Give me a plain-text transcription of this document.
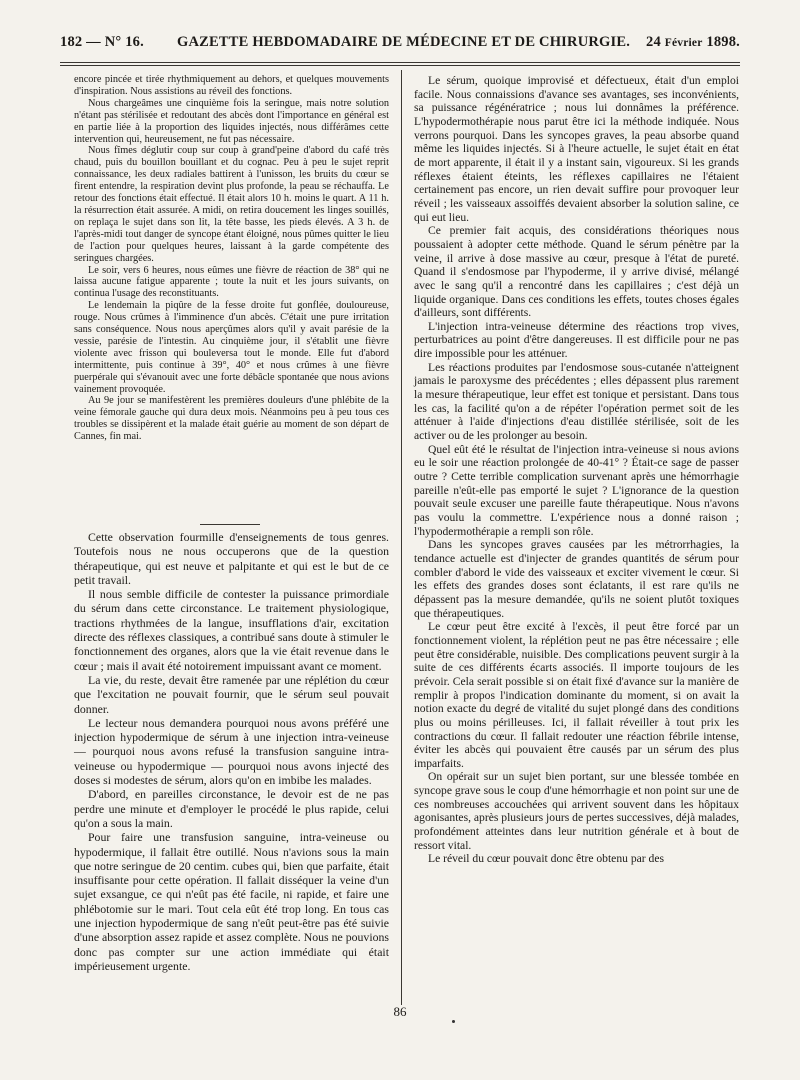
182 — N° 16. GAZETTE HEBDOMADAIRE DE MÉDECINE ET DE CHIRURGIE. 24 Février 1898.

encore pincée et tirée rhythmiquement au dehors, et quelques mouvements d'inspiration. Nous assistions au réveil des fonctions.

Nous chargeâmes une cinquième fois la seringue, mais notre solution n'étant pas stérilisée et redoutant des abcès dont l'importance en général est en partie liée à la proportion des liquides injectés, nous différâmes cette intervention qui, heureusement, ne fut pas nécessaire.

Nous fîmes déglutir coup sur coup à grand'peine d'abord du café très chaud, puis du bouillon bouillant et du cognac. Peu à peu le sujet reprit connaissance, les deux radiales battirent à l'unisson, les bruits du cœur se firent entendre, la respiration devint plus profonde, la peau se réchauffa. Le retour des fonctions était effectué. Il était alors 10 h. moins le quart. A 11 h. la résurrection était assurée. A midi, on retira doucement les linges souillés, on replaça le sujet dans son lit, la tête basse, les pieds élevés. A 3 h. de l'après-midi tout danger de syncope étant éloigné, nous pûmes quitter le lieu de l'action pour quelques heures, laissant à la garde compétente des seringues chargées.

Le soir, vers 6 heures, nous eûmes une fièvre de réaction de 38° qui ne laissa aucune fatigue apparente ; toute la nuit et les jours suivants, on continua l'usage des reconstituants.

Le lendemain la piqûre de la fesse droite fut gonflée, douloureuse, rouge. Nous crûmes à l'imminence d'un abcès. C'était une pure irritation sans conséquence. Nous nous aperçûmes alors qu'il y avait parésie de la vessie, parésie de l'intestin. Au cinquième jour, il s'établit une fièvre violente avec frisson qui bouleversa tout le monde. Elle fut d'abord intermittente, puis continue à 39°, 40° et nous crûmes à une fièvre puerpérale qui s'évanouit avec une forte débâcle spontanée que nous avions vainement provoquée.

Au 9e jour se manifestèrent les premières douleurs d'une phlébite de la veine fémorale gauche qui dura deux mois. Néanmoins peu à peu tous ces troubles se dissipèrent et la malade était guérie au moment de son départ de Cannes, fin mai.

Cette observation fourmille d'enseignements de tous genres. Toutefois nous ne nous occuperons que de la question thérapeutique, qui est neuve et palpitante et qui est le but de ce petit travail.

Il nous semble difficile de contester la puissance primordiale du sérum dans cette circonstance. Le traitement physiologique, tractions rhythmées de la langue, insufflations d'air, excitation directe des réflexes classiques, a contribué sans doute à stimuler le fonctionnement des organes, alors que la vie était revenue dans le cœur ; mais il avait été notoirement impuissant avant ce moment.

La vie, du reste, devait être ramenée par une réplétion du cœur que l'excitation ne pouvait fournir, que le sérum seul pouvait donner.

Le lecteur nous demandera pourquoi nous avons préféré une injection hypodermique de sérum à une injection intra-veineuse — pourquoi nous avons refusé la transfusion sanguine intra-veineuse ou hypodermique — pourquoi nous avons injecté des doses si modestes de sérum, alors qu'on en imbibe les malades.

D'abord, en pareilles circonstance, le devoir est de ne pas perdre une minute et d'employer le procédé le plus rapide, celui qu'on a sous la main.

Pour faire une transfusion sanguine, intra-veineuse ou hypodermique, il fallait être outillé. Nous n'avions sous la main que notre seringue de 20 centim. cubes qui, bien que parfaite, était insuffisante pour cette opération. Il fallait disséquer la veine d'un sujet exsangue, ce qui n'eût pas été facile, ni rapide, et faire une phlébotomie sur le mari. Tout cela eût été trop long. En tous cas une injection hypodermique de sang n'eût peut-être pas été suivie d'une absorption assez rapide et assez complète. Nous ne pouvions donc pas compter sur une action immédiate qui était impérieusement urgente.

Le sérum, quoique improvisé et défectueux, était d'un emploi facile. Nous connaissions d'avance ses avantages, ses inconvénients, sa puissance régénératrice ; nous lui donnâmes la préférence. L'hypodermothérapie nous parut être ici la méthode indiquée. Nous verrons pourquoi. Dans les syncopes graves, la peau absorbe quand même les liquides injectés. Si à l'heure actuelle, le sujet était en état de mort apparente, il était il y a instant sain, vigoureux. Si les grands réflexes étaient éteints, les réflexes capillaires ne l'étaient certainement pas encore, un rien devait suffire pour provoquer leur réveil ; les vaisseaux assoiffés devaient absorber la solution saline, ce qui eut lieu.

Ce premier fait acquis, des considérations théoriques nous poussaient à adopter cette méthode. Quand le sérum pénètre par la veine, il arrive à dose massive au cœur, presque à l'état de pureté. Quand il s'endosmose par l'hypoderme, il y arrive divisé, mélangé avec le sang qu'il a rencontré dans les capillaires ; c'est déjà un liquide organique. Dans ces conditions les effets, toutes choses égales d'ailleurs, sont différents.

L'injection intra-veineuse détermine des réactions trop vives, perturbatrices au point d'être dangereuses. Il est difficile pour ne pas dire impossible pour les atténuer.

Les réactions produites par l'endosmose sous-cutanée n'atteignent jamais le paroxysme des précédentes ; elles dépassent plus rarement la mesure thérapeutique, leur effet est tonique et persistant. Dans tous les cas, la facilité qu'on a de répéter l'opération permet soit de les atténuer à l'aide d'injections d'eau distillée stérilisée, soit de les activer ou de les prolonger au besoin.

Quel eût été le résultat de l'injection intra-veineuse si nous avions eu le soir une réaction prolongée de 40-41° ? Était-ce sage de passer outre ? Cette terrible complication survenant après une hémorrhagie pareille n'eût-elle pas emporté le sujet ? L'ignorance de la question pouvait seule excuser une pareille faute thérapeutique. Nous n'avons pas voulu la commettre. L'expérience nous a donné raison ; l'hypodermothérapie a rempli son rôle.

Dans les syncopes graves causées par les métrorrhagies, la tendance actuelle est d'injecter de grandes quantités de sérum pour combler d'abord le vide des vaisseaux et exciter vivement le cœur. Si les effets des grandes doses sont éclatants, il est rare qu'ils ne dépassent pas la mesure demandée, qu'ils ne soient plutôt toxiques que thérapeutiques.

Le cœur peut être excité à l'excès, il peut être forcé par un fonctionnement violent, la réplétion peut ne pas être nécessaire ; elle peut être considérable, nuisible. Des complications peuvent surgir à la suite de ces différents écarts associés. Il importe toujours de les prévoir. Cela serait possible si on était fixé d'avance sur la manière de remplir à propos l'indication dominante du moment, si on avait la notion exacte du degré de vitalité du sujet plongé dans des conditions plus ou moins périlleuses. Ici, il fallait réveiller à tout prix les contractions du cœur. Il fallait redouter une réaction fébrile intense, éviter les abcès qui pouvaient être causés par un sérum des plus imparfaits.

On opérait sur un sujet bien portant, sur une blessée tombée en syncope grave sous le coup d'une hémorrhagie et non point sur une de ces nombreuses accouchées qui arrivent souvent dans les hôpitaux agonisantes, après plusieurs jours de pertes successives, déjà malades, profondément atteintes dans leur nutrition générale et à bout de ressort vital.

Le réveil du cœur pouvait donc être obtenu par des

86
